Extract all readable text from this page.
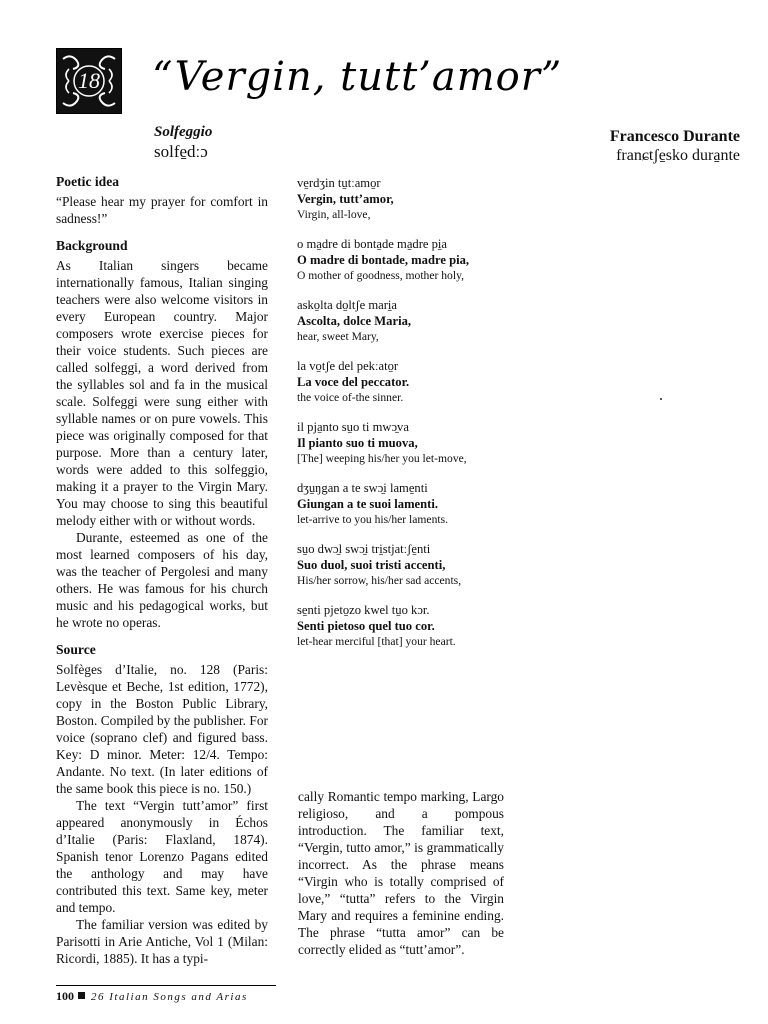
18	“Vergin, tutt’amor”
Solfeggio
solfe̱dːɔ
Francesco Durante
franɕtʃe̱sko dura̱nte
Poetic idea

“Please hear my prayer for comfort in sadness!”

Background

As Italian singers became internationally famous, Italian singing teachers were also welcome visitors in every European country. Major composers wrote exercise pieces for their voice students. Such pieces are called solfeggi, a word derived from the syllables sol and fa in the musical scale. Solfeggi were sung either with syllable names or on pure vowels. This piece was originally composed for that purpose. More than a century later, words were added to this solfeggio, making it a prayer to the Virgin Mary. You may choose to sing this beautiful melody either with or without words.

Durante, esteemed as one of the most learned composers of his day, was the teacher of Pergolesi and many others. He was famous for his church music and his pedagogical works, but he wrote no operas.

Source

Solfèges d’Italie, no. 128 (Paris: Levèsque et Beche, 1st edition, 1772), copy in the Boston Public Library, Boston. Compiled by the publisher. For voice (soprano clef) and figured bass. Key: D minor. Meter: 12/4. Tempo: Andante. No text. (In later editions of the same book this piece is no. 150.)

The text “Vergin tutt’amor” first appeared anonymously in Échos d’Italie (Paris: Flaxland, 1874). Spanish tenor Lorenzo Pagans edited the anthology and may have contributed this text. Same key, meter and tempo.

The familiar version was edited by Parisotti in Arie Antiche, Vol 1 (Milan: Ricordi, 1885). It has a typi-

ve̱rdʒin tu̱tːamo̱r
Vergin, tutt’amor,
Virgin, all-love,
o ma̱dre di bonta̱de ma̱dre pi̱a
O madre di bontade, madre pia,
O mother of goodness, mother holy,
asko̱lta do̱ltʃe mari̱a
Ascolta, dolce Maria,
hear, sweet Mary,
la vo̱tʃe del pekːato̱r
La voce del peccator.
the voice of-the sinner.
il pja̱nto su̱o ti mwɔ̱va
Il pianto suo ti muova,
[The] weeping his/her you let-move,
dʒu̱ŋgan a te swɔ̱i lame̱nti
Giungan a te suoi lamenti.
let-arrive to you his/her laments.
su̱o dwɔ̱l swɔ̱i tri̱stjatːʃe̱nti
Suo duol, suoi tristi accenti,
His/her sorrow, his/her sad accents,
se̱nti pjeto̱zo kwel tu̱o kɔr.
Senti pietoso quel tuo cor.
let-hear merciful [that] your heart.

cally Romantic tempo marking, Largo religioso, and a pompous introduction. The familiar text, “Vergin, tutto amor,” is grammatically incorrect. As the phrase means “Virgin who is totally comprised of love,” “tutta” refers to the Virgin Mary and requires a feminine ending. The phrase “tutta amor” can be correctly elided as “tutt’amor”.

100 26 Italian Songs and Arias
